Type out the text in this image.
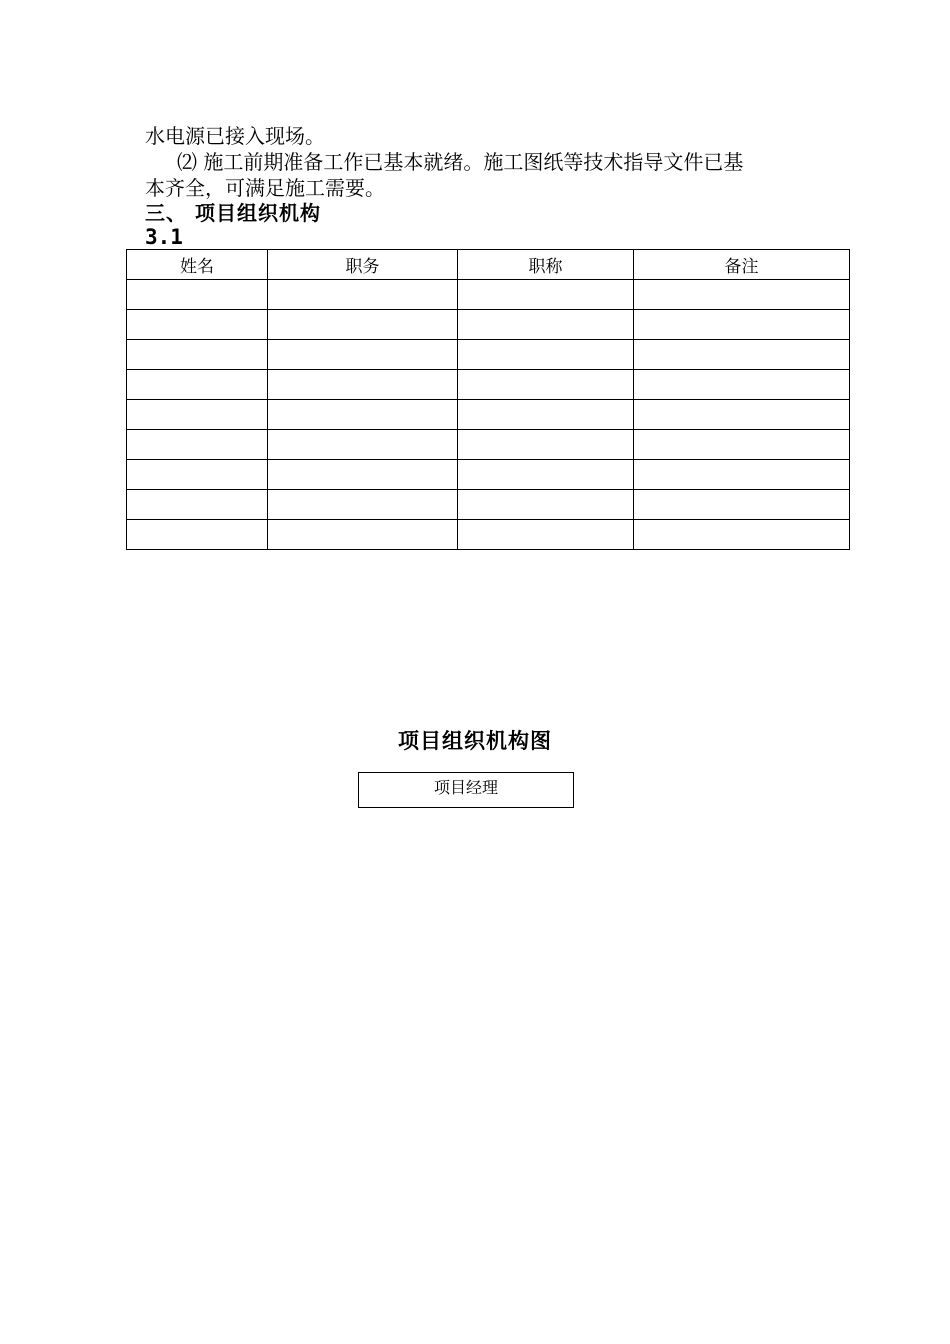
水电源已接入现场。
⑵ 施工前期准备工作已基本就绪。施工图纸等技术指导文件已基
本齐全，可满足施工需要。
三、 项目组织机构
3.1
姓名	职务	职称	备注

项目组织机构图
项目经理
